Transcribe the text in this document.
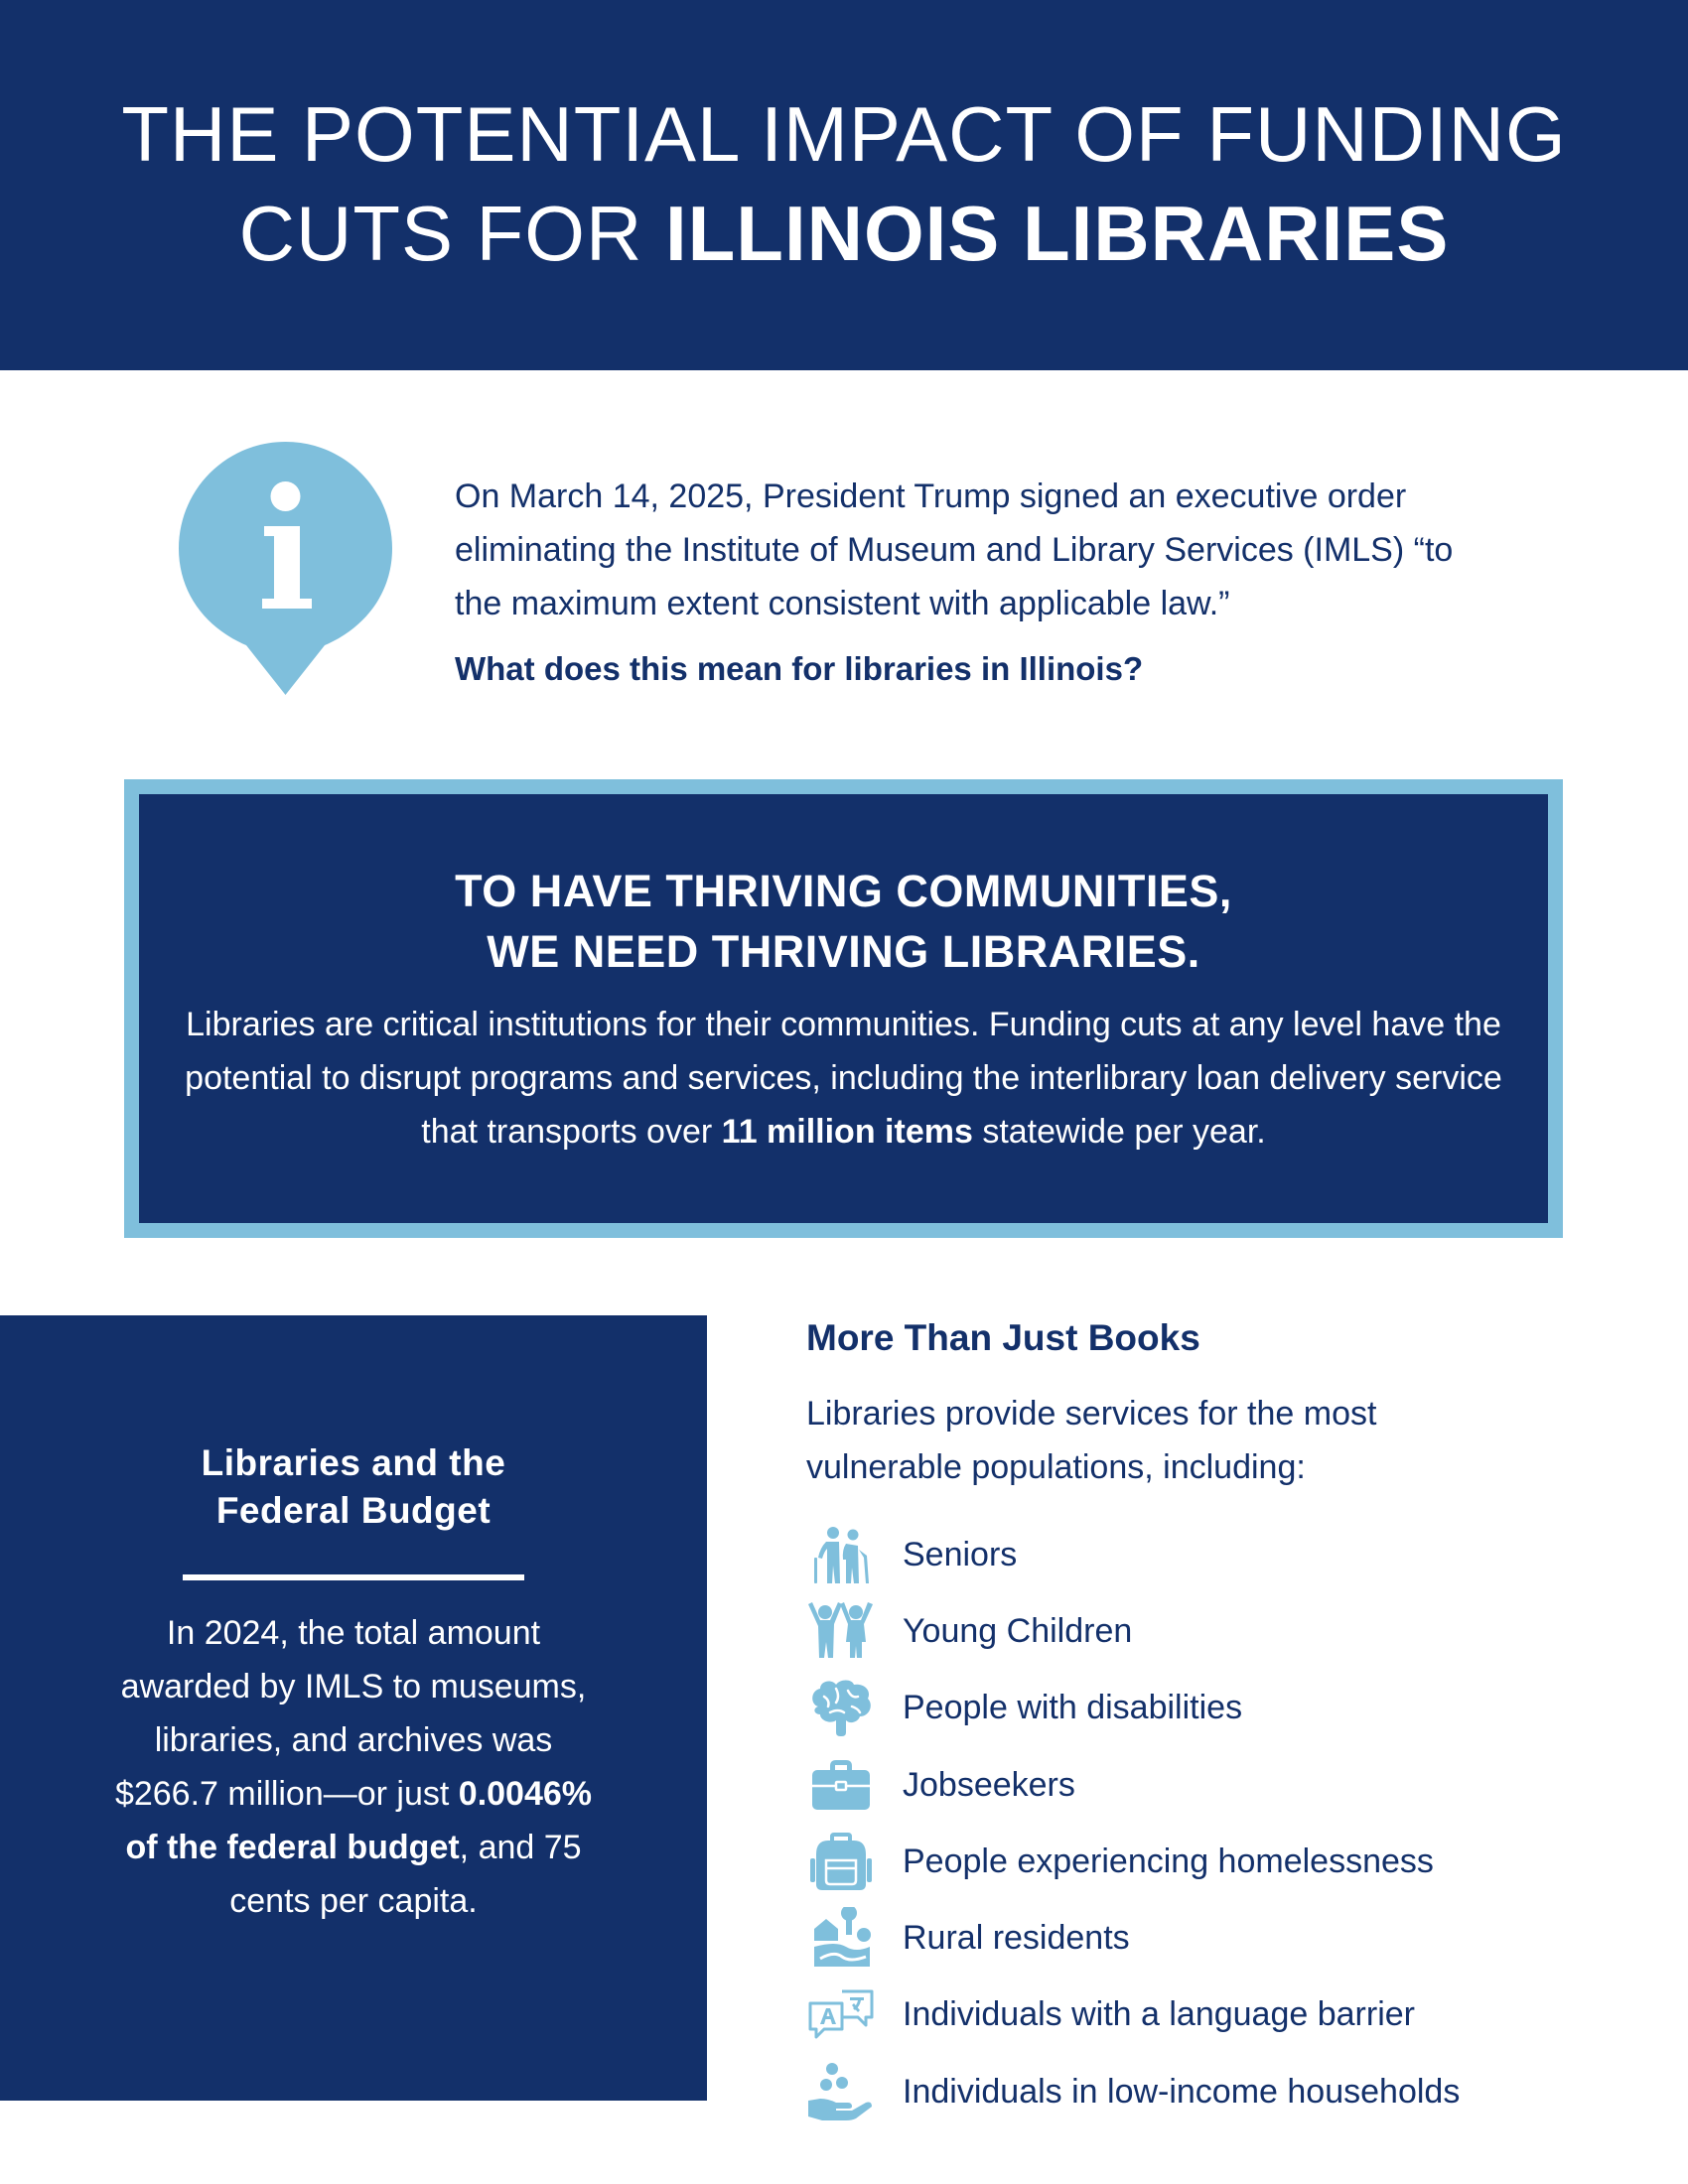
THE POTENTIAL IMPACT OF FUNDING
CUTS FOR ILLINOIS LIBRARIES

On March 14, 2025, President Trump signed an executive order eliminating the Institute of Museum and Library Services (IMLS) “to the maximum extent consistent with applicable law.”

What does this mean for libraries in Illinois?

TO HAVE THRIVING COMMUNITIES,
WE NEED THRIVING LIBRARIES.
Libraries are critical institutions for their communities. Funding cuts at any level have the potential to disrupt programs and services, including the interlibrary loan delivery service that transports over 11 million items statewide per year.
Libraries and the
Federal Budget
In 2024, the total amount awarded by IMLS to museums, libraries, and archives was $266.7 million—or just 0.0046% of the federal budget, and 75 cents per capita.
More Than Just Books
Libraries provide services for the most vulnerable populations, including:
Seniors
Young Children
People with disabilities
Jobseekers
People experiencing homelessness
Rural residents
Individuals with a language barrier
Individuals in low-income households
